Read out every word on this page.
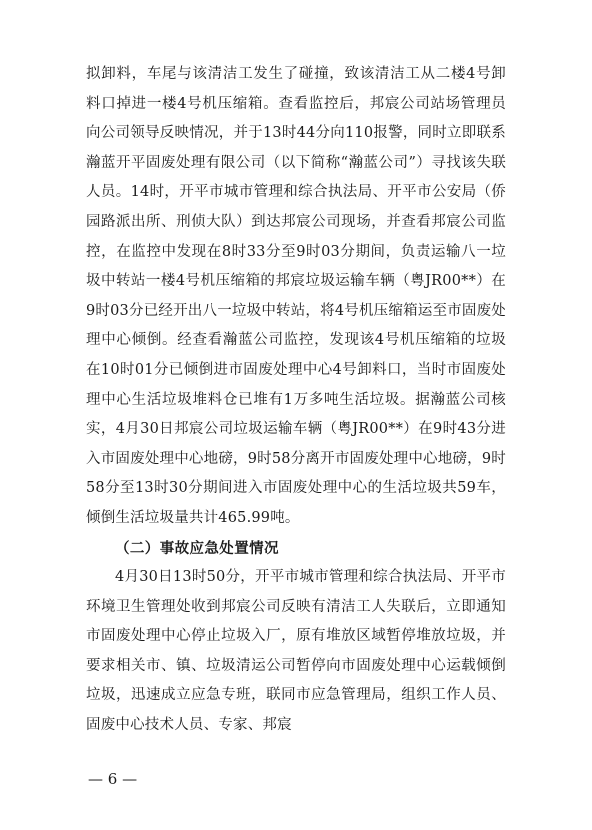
拟卸料，车尾与该清洁工发生了碰撞，致该清洁工从二楼4号卸料口掉进一楼4号机压缩箱。查看监控后，邦宸公司站场管理员向公司领导反映情况，并于13时44分向110报警，同时立即联系瀚蓝开平固废处理有限公司（以下简称“瀚蓝公司”）寻找该失联人员。14时，开平市城市管理和综合执法局、开平市公安局（侨园路派出所、刑侦大队）到达邦宸公司现场，并查看邦宸公司监控，在监控中发现在8时33分至9时03分期间，负责运输八一垃圾中转站一楼4号机压缩箱的邦宸垃圾运输车辆（粤JR00**）在9时03分已经开出八一垃圾中转站，将4号机压缩箱运至市固废处理中心倾倒。经查看瀚蓝公司监控，发现该4号机压缩箱的垃圾在10时01分已倾倒进市固废处理中心4号卸料口，当时市固废处理中心生活垃圾堆料仓已堆有1万多吨生活垃圾。据瀚蓝公司核实，4月30日邦宸公司垃圾运输车辆（粤JR00**）在9时43分进入市固废处理中心地磅，9时58分离开市固废处理中心地磅，9时58分至13时30分期间进入市固废处理中心的生活垃圾共59车，倾倒生活垃圾量共计465.99吨。

（二）事故应急处置情况

4月30日13时50分，开平市城市管理和综合执法局、开平市环境卫生管理处收到邦宸公司反映有清洁工人失联后，立即通知市固废处理中心停止垃圾入厂，原有堆放区域暂停堆放垃圾，并要求相关市、镇、垃圾清运公司暂停向市固废处理中心运载倾倒垃圾，迅速成立应急专班，联同市应急管理局，组织工作人员、固废中心技术人员、专家、邦宸

— 6 —
